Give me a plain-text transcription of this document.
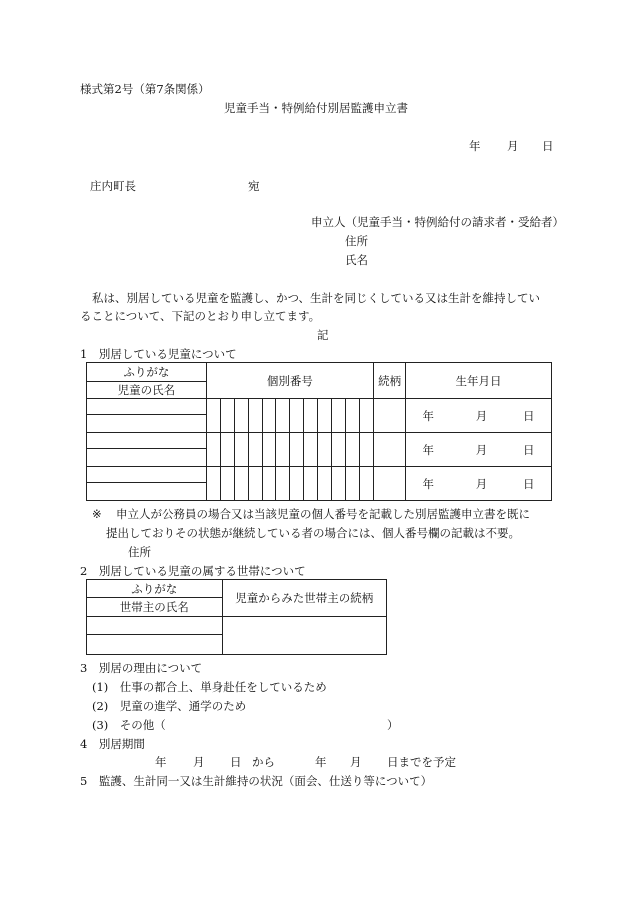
様式第2号（第7条関係）
児童手当・特例給付別居監護申立書
年 月 日
庄内町長	宛
申立人（児童手当・特例給付の請求者・受給者）
住所
氏名
私は、別居している児童を監護し、かつ、生計を同じくしている又は生計を維持してい
ることについて、下記のとおり申し立てます。
記
1　別居している児童について
ふりがな	個別番号												続柄	生年月日
児童の氏名														
														年 月 日

														年 月 日

														年 月 日

※ 申立人が公務員の場合又は当該児童の個人番号を記載した別居監護申立書を既に
提出しておりその状態が継続している者の場合には、個人番号欄の記載は不要。
住所
2　別居している児童の属する世帯について
ふりがな	児童からみた世帯主の続柄
世帯主の氏名	

3　別居の理由について
(1)　仕事の都合上、単身赴任をしているため
(2)　児童の進学、通学のため
(3)　その他（	）
4　別居期間
年 月 日 から	年 月 日までを予定
5　監護、生計同一又は生計維持の状況（面会、仕送り等について）
